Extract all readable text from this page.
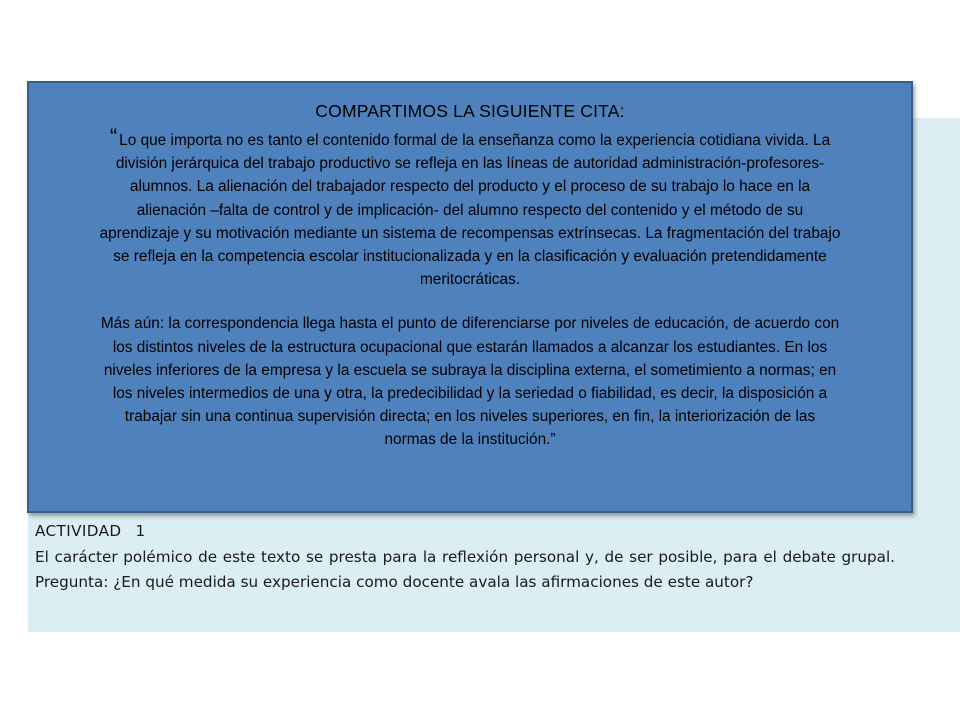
COMPARTIMOS LA SIGUIENTE CITA:

“ Lo que importa no es tanto el contenido formal de la enseñanza como la experiencia cotidiana vivida. La división jerárquica del trabajo productivo se refleja en las líneas de autoridad administración-profesores-alumnos. La alienación del trabajador respecto del producto y el proceso de su trabajo lo hace en la alienación –falta de control y de implicación- del alumno respecto del contenido y el método de su aprendizaje y su motivación mediante un sistema de recompensas extrínsecas. La fragmentación del trabajo se refleja en la competencia escolar institucionalizada y en la clasificación y evaluación pretendidamente meritocráticas.

Más aún: la correspondencia llega hasta el punto de diferenciarse por niveles de educación, de acuerdo con los distintos niveles de la estructura ocupacional que estarán llamados a alcanzar los estudiantes. En los niveles inferiores de la empresa y la escuela se subraya la disciplina externa, el sometimiento a normas; en los niveles intermedios de una y otra, la predecibilidad y la seriedad o fiabilidad, es decir, la disposición a trabajar sin una continua supervisión directa; en los niveles superiores, en fin, la interiorización de las normas de la institución.”

ACTIVIDAD 1
El carácter polémico de este texto se presta para la reflexión personal y, de ser posible, para el debate grupal. Pregunta: ¿En qué medida su experiencia como docente avala las afirmaciones de este autor?
